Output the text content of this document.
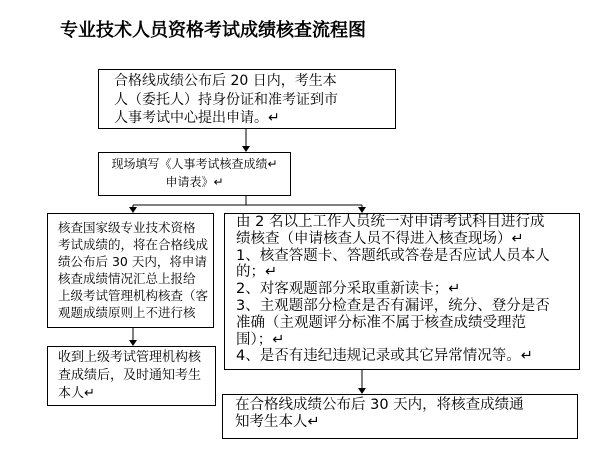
专业技术人员资格考试成绩核查流程图
合格线成绩公布后 20 日内，考生本
人（委托人）持身份证和准考证到市
人事考试中心提出申请。↵
现场填写《人事考试核查成绩↵
申请表》↵
核查国家级专业技术资格
考试成绩的，将在合格线成
绩公布后 30 天内，将申请
核查成绩情况汇总上报给
上级考试管理机构核查（客
观题成绩原则上不进行核
收到上级考试管理机构核
查成绩后，及时通知考生
本人↵
由 2 名以上工作人员统一对申请考试科目进行成
绩核查（申请核查人员不得进入核查现场）↵
1、核查答题卡、答题纸或答卷是否应试人员本人
的；↵
2、对客观题部分采取重新读卡；↵
3、主观题部分检查是否有漏评，统分、登分是否
准确（主观题评分标准不属于核查成绩受理范
围）；↵
4、是否有违纪违规记录或其它异常情况等。↵
在合格线成绩公布后 30 天内，将核查成绩通
知考生本人↵
